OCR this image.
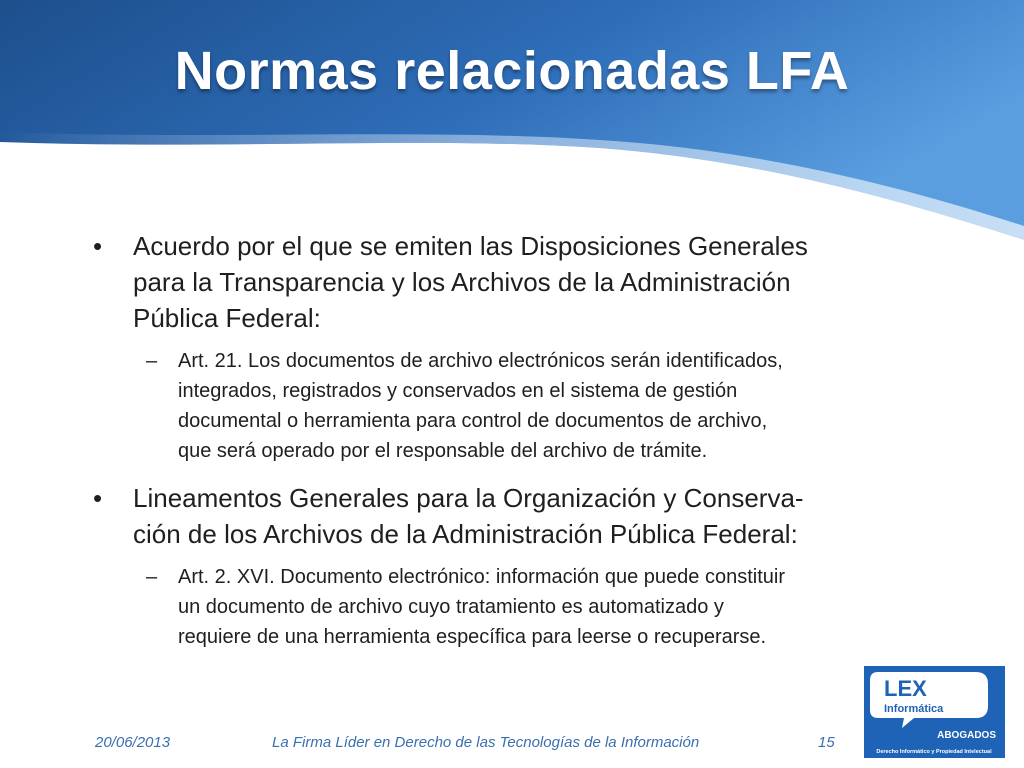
Normas relacionadas LFA
• Acuerdo por el que se emiten las Disposiciones Generales
para la Transparencia y los Archivos de la Administración
Pública Federal:
– Art. 21. Los documentos de archivo electrónicos serán identificados,
integrados, registrados y conservados en el sistema de gestión
documental o herramienta para control de documentos de archivo,
que será operado por el responsable del archivo de trámite.
• Lineamentos Generales para la Organización y Conserva-
ción de los Archivos de la Administración Pública Federal:
– Art. 2. XVI. Documento electrónico: información que puede constituir
un documento de archivo cuyo tratamiento es automatizado y
requiere de una herramienta específica para leerse o recuperarse.
20/06/2013	La Firma Líder en Derecho de las Tecnologías de la Información	15
LEX
Informática
ABOGADOS
Derecho Informático y Propiedad Intelectual
